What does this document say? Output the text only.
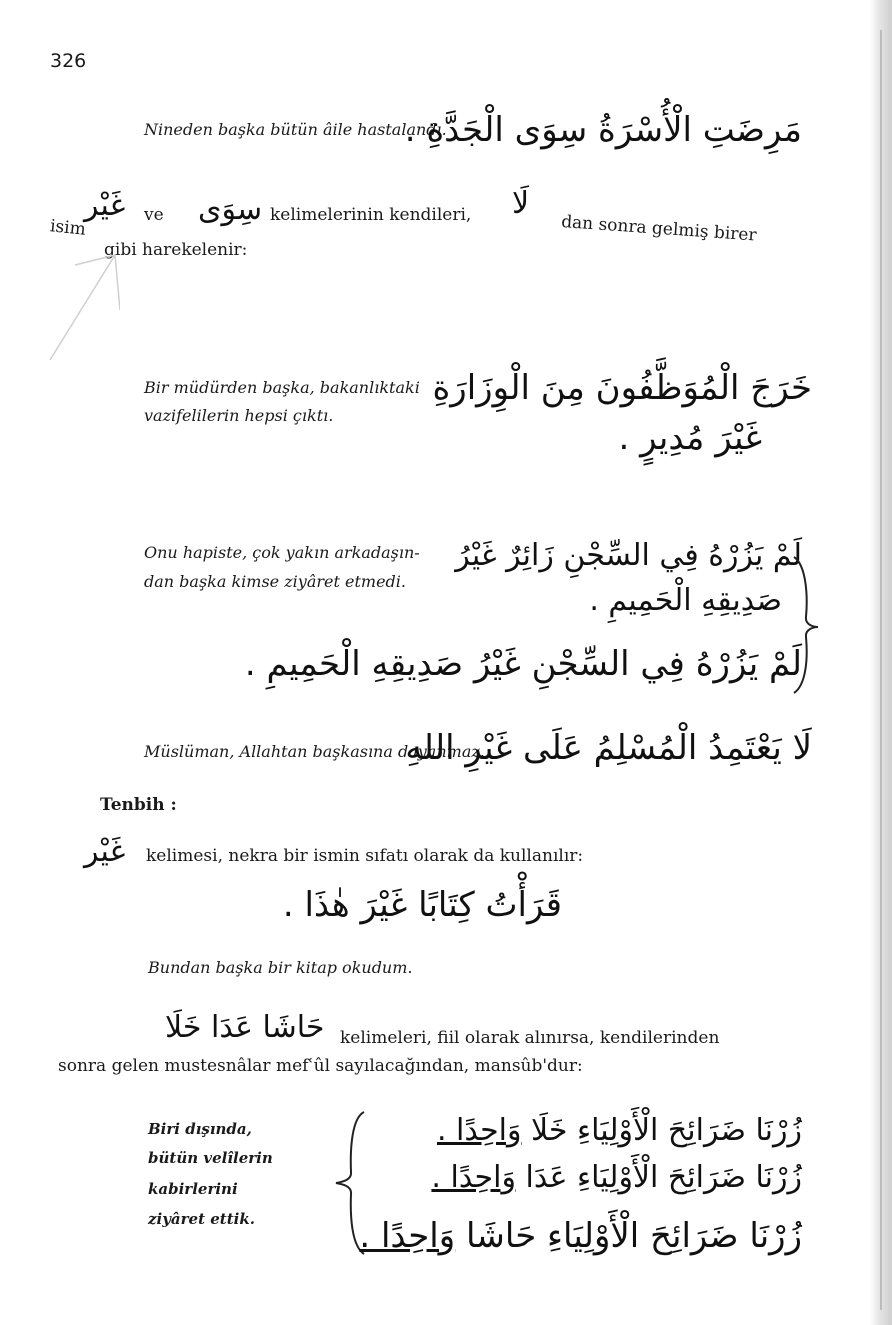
326
Nineden başka bütün âile hastalandı.
مَرِضَتِ الْأُسْرَةُ سِوَى الْجَدَّةِ .
غَيْر ve سِوَى kelimelerinin kendileri, لَا
dan sonra gelmiş birer
isim
gibi harekelenir:
Bir müdürden başka, bakanlıktaki
vazifelilerin hepsi çıktı.
خَرَجَ الْمُوَظَّفُونَ مِنَ الْوِزَارَةِ
غَيْرَ مُدِيرٍ .
Onu hapiste, çok yakın arkadaşın-
dan başka kimse ziyâret etmedi.
لَمْ يَزُرْهُ فِي السِّجْنِ زَائِرٌ غَيْرُ
صَدِيقِهِ الْحَمِيمِ .
لَمْ يَزُرْهُ فِي السِّجْنِ غَيْرُ صَدِيقِهِ الْحَمِيمِ .
Müslüman, Allahtan başkasına dayanmaz.
لَا يَعْتَمِدُ الْمُسْلِمُ عَلَى غَيْرِ اللهِ
Tenbih :
غَيْر kelimesi, nekra bir ismin sıfatı olarak da kullanılır:
قَرَأْتُ كِتَابًا غَيْرَ هٰذَا .
Bundan başka bir kitap okudum.
حَاشَا عَدَا خَلَا kelimeleri, fiil olarak alınırsa, kendilerinden
sonra gelen mustesnâlar mefʿûl sayılacağından, mansûb'dur:
Biri dışında,
bütün velîlerin
kabirlerini
ziyâret ettik.
زُرْنَا ضَرَائِحَ الْأَوْلِيَاءِ خَلَا وَاحِدًا .
زُرْنَا ضَرَائِحَ الْأَوْلِيَاءِ عَدَا وَاحِدًا .
زُرْنَا ضَرَائِحَ الْأَوْلِيَاءِ حَاشَا وَاحِدًا .
